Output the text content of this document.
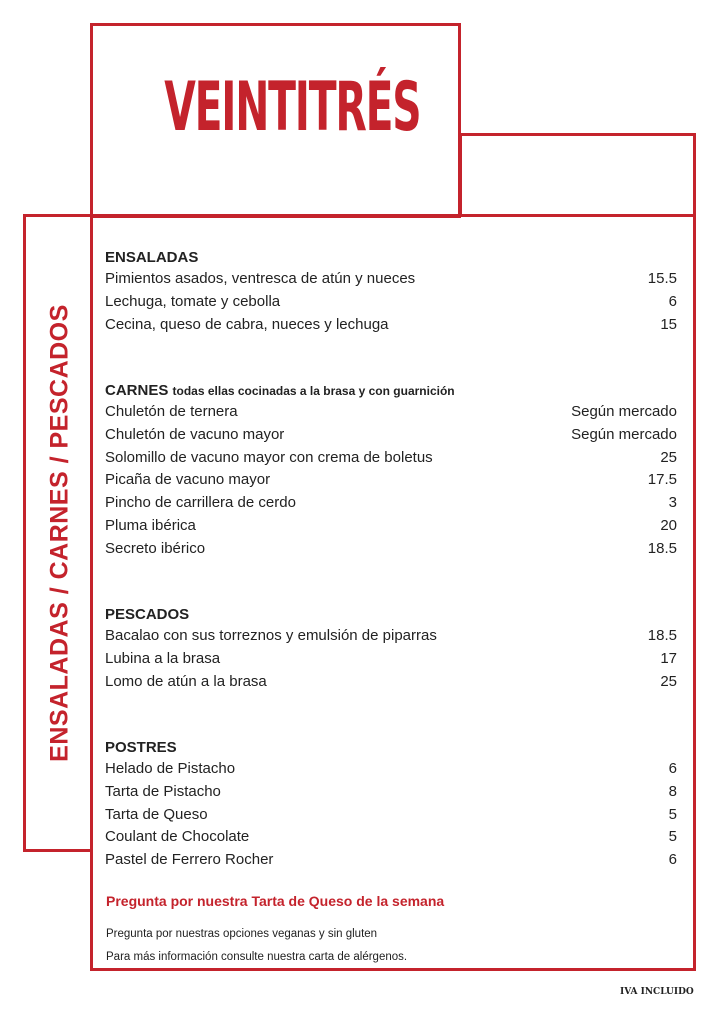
VEINTITRÉS
ENSALADAS / CARNES / PESCADOS
ENSALADAS
Pimientos asados, ventresca de atún y nueces	15.5
Lechuga, tomate y cebolla	6
Cecina, queso de cabra, nueces y lechuga	15
CARNES todas ellas cocinadas a la brasa y con guarnición
Chuletón de ternera	Según mercado
Chuletón de vacuno mayor	Según mercado
Solomillo de vacuno mayor con crema de boletus	25
Picaña de vacuno mayor	17.5
Pincho de carrillera de cerdo	3
Pluma ibérica	20
Secreto ibérico	18.5
PESCADOS
Bacalao con sus torreznos y emulsión de piparras	18.5
Lubina a la brasa	17
Lomo de atún a la brasa	25
POSTRES
Helado de Pistacho	6
Tarta de Pistacho	8
Tarta de Queso	5
Coulant de Chocolate	5
Pastel de Ferrero Rocher	6
Pregunta por nuestra Tarta de Queso de la semana
Pregunta por nuestras opciones veganas y sin gluten
Para más información consulte nuestra carta de alérgenos.
IVA INCLUIDO
